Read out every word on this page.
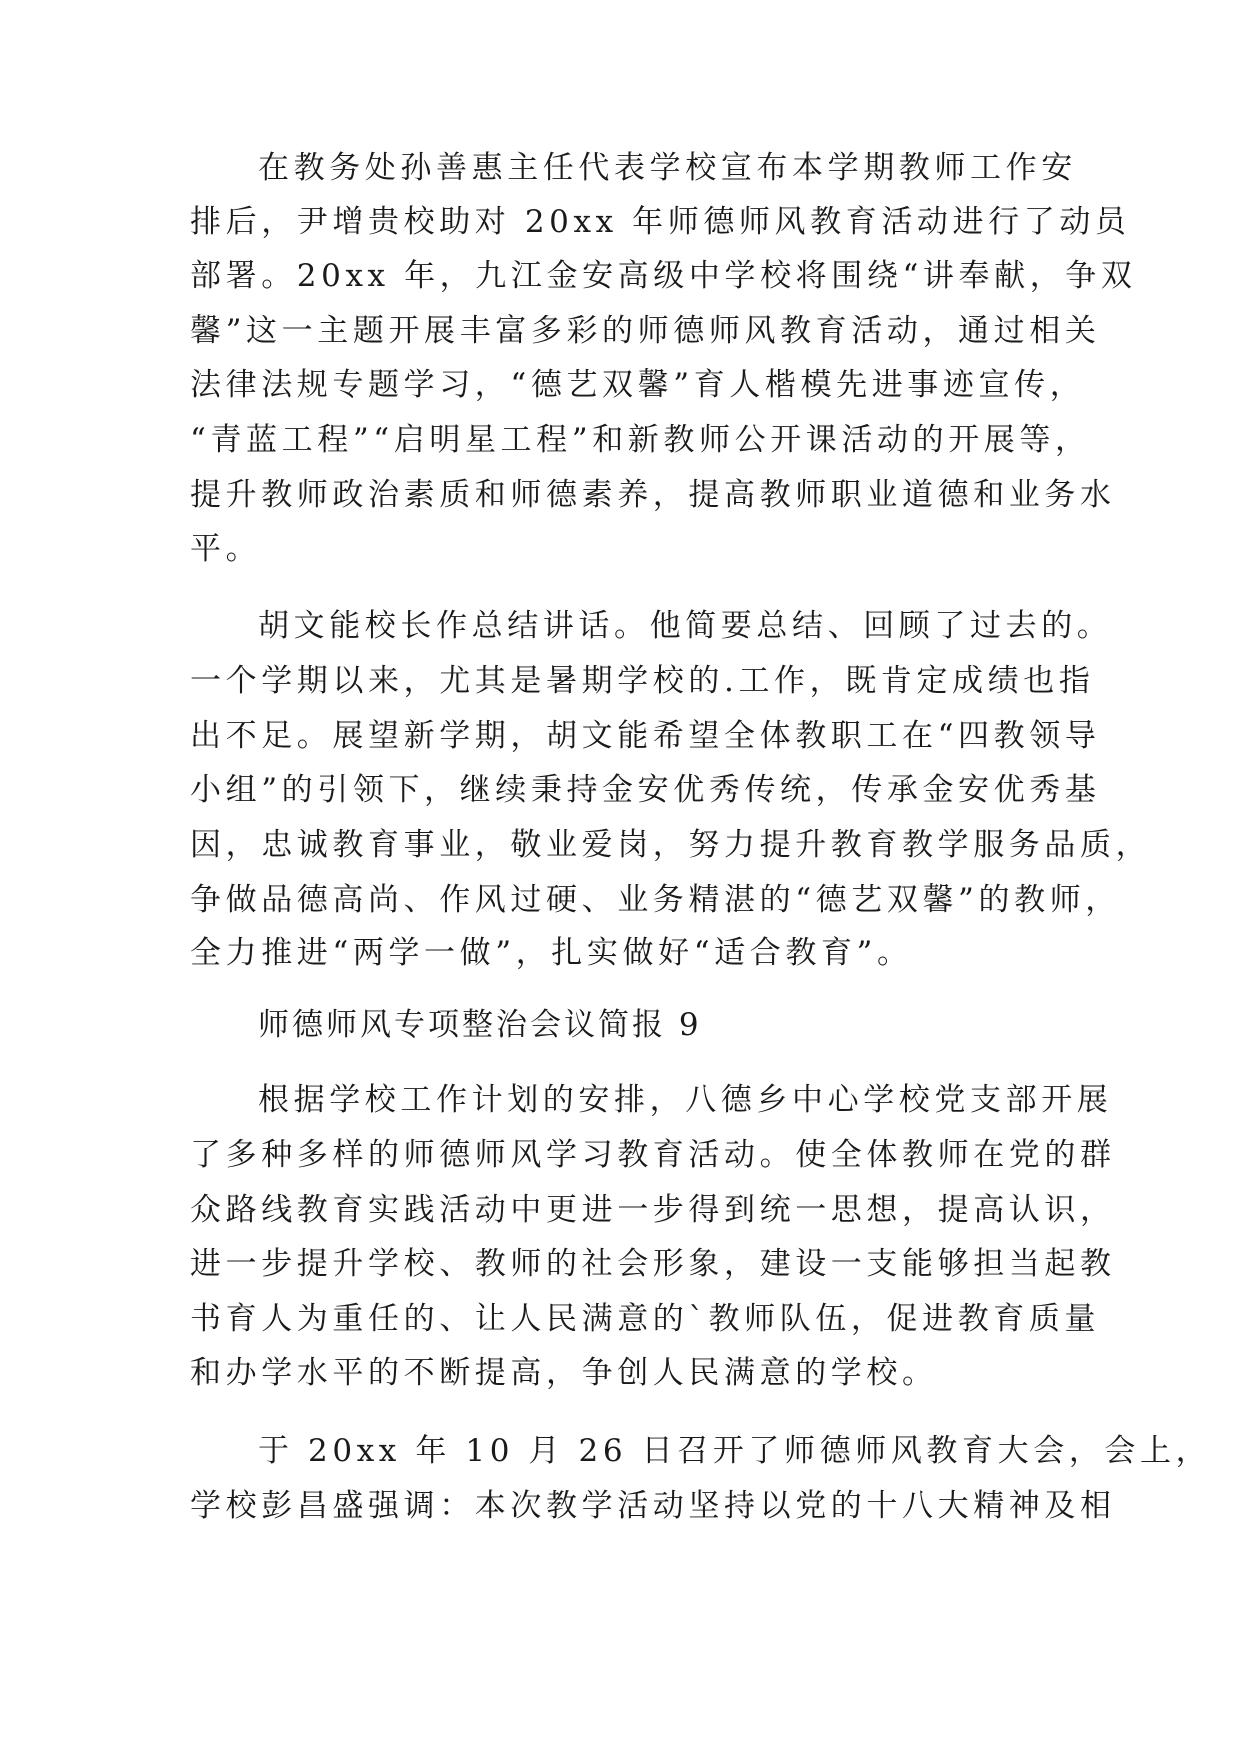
在教务处孙善惠主任代表学校宣布本学期教师工作安
排后，尹增贵校助对 20xx 年师德师风教育活动进行了动员
部署。20xx 年，九江金安高级中学校将围绕“讲奉献，争双
馨”这一主题开展丰富多彩的师德师风教育活动，通过相关
法律法规专题学习，“德艺双馨”育人楷模先进事迹宣传，
“青蓝工程”“启明星工程”和新教师公开课活动的开展等，
提升教师政治素质和师德素养，提高教师职业道德和业务水
平。
胡文能校长作总结讲话。他简要总结、回顾了过去的。
一个学期以来，尤其是暑期学校的.工作，既肯定成绩也指
出不足。展望新学期，胡文能希望全体教职工在“四教领导
小组”的引领下，继续秉持金安优秀传统，传承金安优秀基
因，忠诚教育事业，敬业爱岗，努力提升教育教学服务品质，
争做品德高尚、作风过硬、业务精湛的“德艺双馨”的教师，
全力推进“两学一做”，扎实做好“适合教育”。
师德师风专项整治会议简报 9
根据学校工作计划的安排，八德乡中心学校党支部开展
了多种多样的师德师风学习教育活动。使全体教师在党的群
众路线教育实践活动中更进一步得到统一思想，提高认识，
进一步提升学校、教师的社会形象，建设一支能够担当起教
书育人为重任的、让人民满意的`教师队伍，促进教育质量
和办学水平的不断提高，争创人民满意的学校。
于 20xx 年 10 月 26 日召开了师德师风教育大会，会上，
学校彭昌盛强调：本次教学活动坚持以党的十八大精神及相
